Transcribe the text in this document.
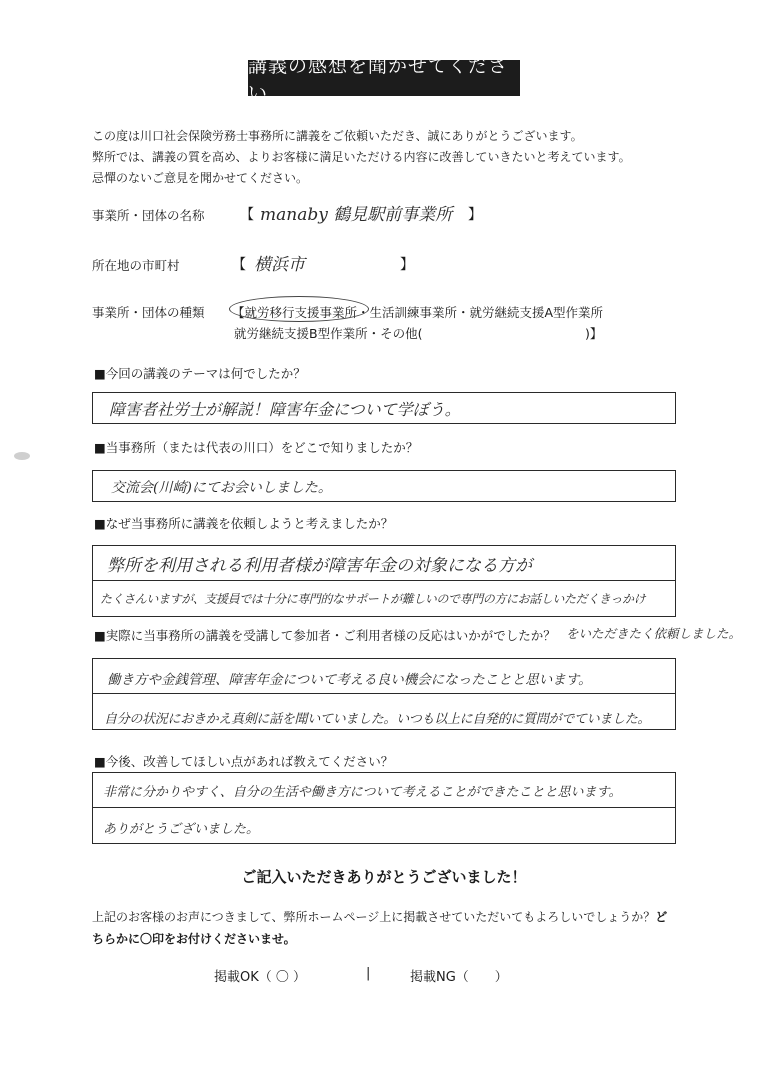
講義の感想を聞かせてください
この度は川口社会保険労務士事務所に講義をご依頼いただき、誠にありがとうございます。
弊所では、講義の質を高め、よりお客様に満足いただける内容に改善していきたいと考えています。
忌憚のないご意見を聞かせてください。
事業所・団体の名称	【 manaby 鶴見駅前事業所 】
所在地の市町村	【 横浜市	】
事業所・団体の種類 【就労移行支援事業所・生活訓練事業所・就労継続支援A型作業所
就労継続支援B型作業所・その他(　　　　　　　　　　　　　)】
■今回の講義のテーマは何でしたか？
障害者社労士が解説！障害年金について学ぼう。
■当事務所（または代表の川口）をどこで知りましたか？
交流会(川崎)にてお会いしました。
■なぜ当事務所に講義を依頼しようと考えましたか？
弊所を利用される利用者様が障害年金の対象になる方が
たくさんいますが、支援員では十分に専門的なサポートが難しいので専門の方にお話しいただくきっかけ
■実際に当事務所の講義を受講して参加者・ご利用者様の反応はいかがでしたか？ をいただきたく依頼しました。
働き方や金銭管理、障害年金について考える良い機会になったことと思います。
自分の状況におきかえ真剣に話を聞いていました。いつも以上に自発的に質問がでていました。
■今後、改善してほしい点があれば教えてください？
非常に分かりやすく、自分の生活や働き方について考えることができたことと思います。
ありがとうございました。
ご記入いただきありがとうございました！
上記のお客様のお声につきまして、弊所ホームページ上に掲載させていただいてもよろしいでしょうか？どちらかに〇印をお付けくださいませ。
掲載OK（ 〇 ）	|	掲載NG（　　）
